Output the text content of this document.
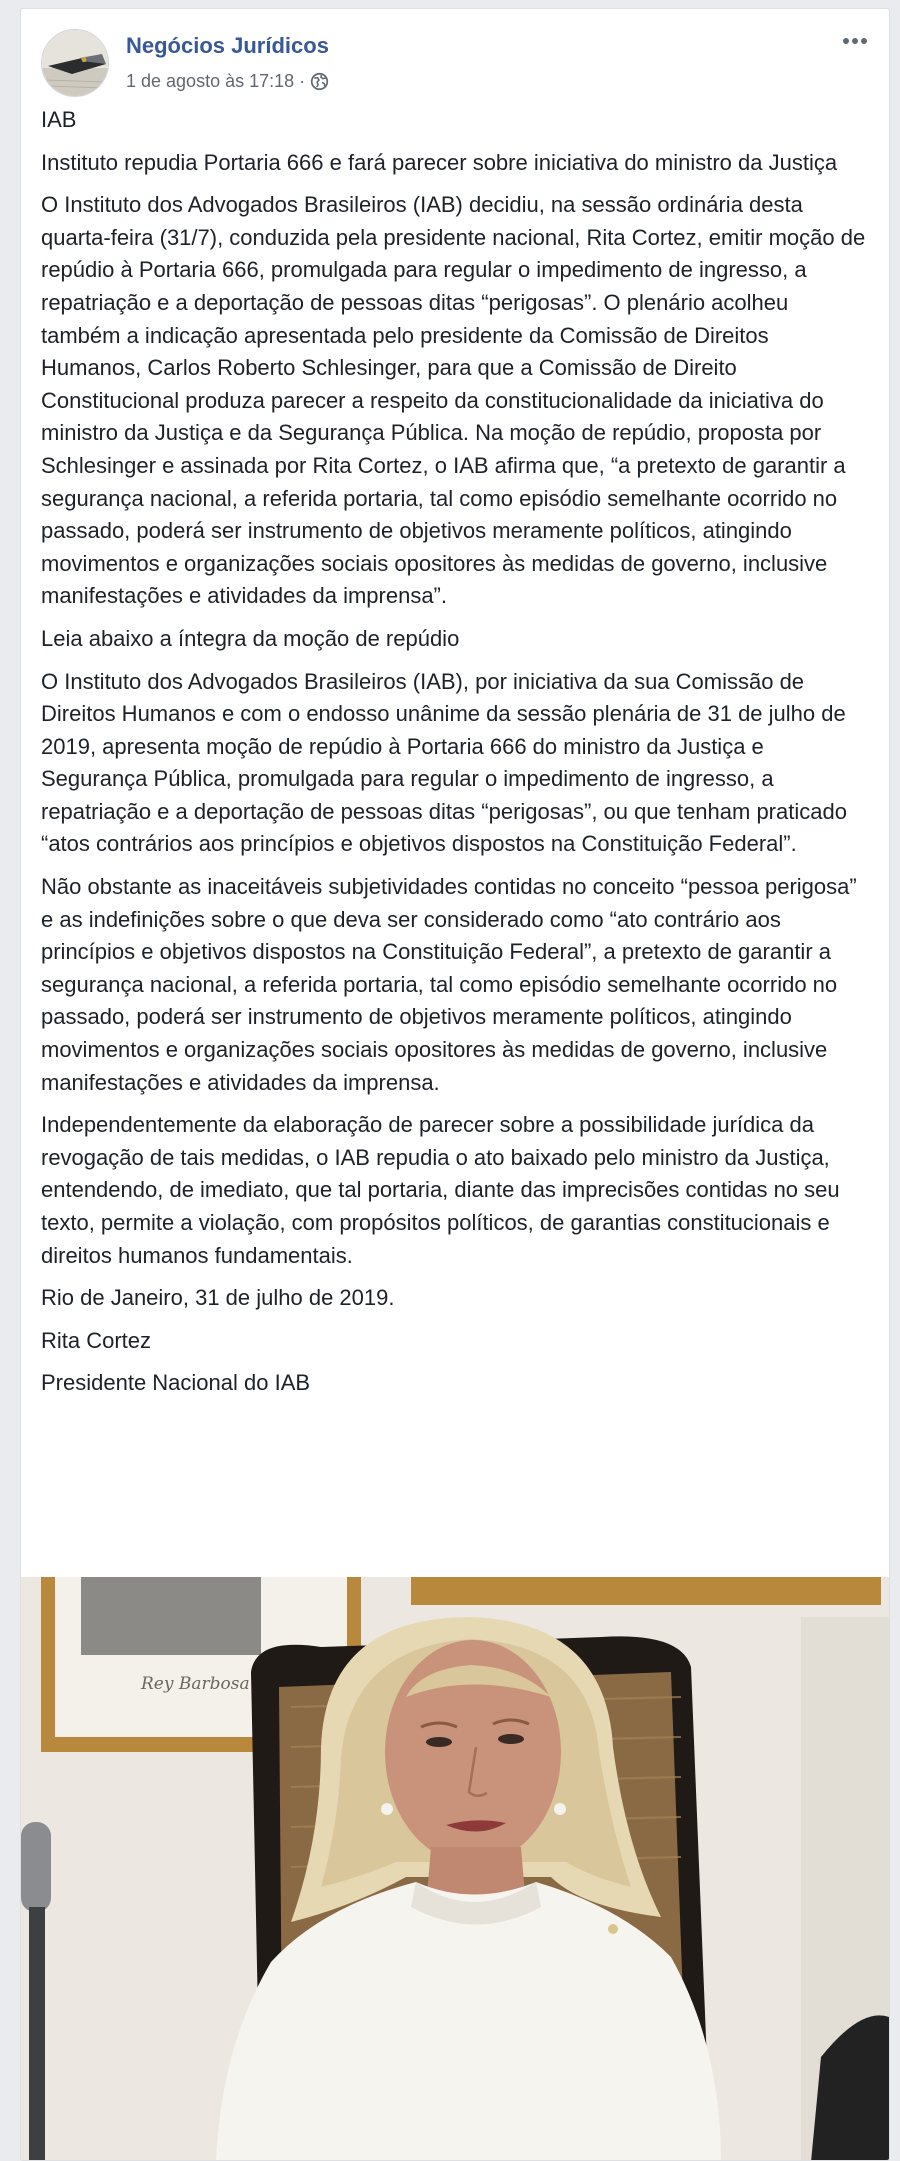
Negócios Jurídicos
1 de agosto às 17:18 ·

IAB

Instituto repudia Portaria 666 e fará parecer sobre iniciativa do ministro da Justiça

O Instituto dos Advogados Brasileiros (IAB) decidiu, na sessão ordinária desta quarta-feira (31/7), conduzida pela presidente nacional, Rita Cortez, emitir moção de repúdio à Portaria 666, promulgada para regular o impedimento de ingresso, a repatriação e a deportação de pessoas ditas “perigosas”. O plenário acolheu também a indicação apresentada pelo presidente da Comissão de Direitos Humanos, Carlos Roberto Schlesinger, para que a Comissão de Direito Constitucional produza parecer a respeito da constitucionalidade da iniciativa do ministro da Justiça e da Segurança Pública. Na moção de repúdio, proposta por Schlesinger e assinada por Rita Cortez, o IAB afirma que, “a pretexto de garantir a segurança nacional, a referida portaria, tal como episódio semelhante ocorrido no passado, poderá ser instrumento de objetivos meramente políticos, atingindo movimentos e organizações sociais opositores às medidas de governo, inclusive manifestações e atividades da imprensa”.

Leia abaixo a íntegra da moção de repúdio

O Instituto dos Advogados Brasileiros (IAB), por iniciativa da sua Comissão de Direitos Humanos e com o endosso unânime da sessão plenária de 31 de julho de 2019, apresenta moção de repúdio à Portaria 666 do ministro da Justiça e Segurança Pública, promulgada para regular o impedimento de ingresso, a repatriação e a deportação de pessoas ditas “perigosas”, ou que tenham praticado “atos contrários aos princípios e objetivos dispostos na Constituição Federal”.

Não obstante as inaceitáveis subjetividades contidas no conceito “pessoa perigosa” e as indefinições sobre o que deva ser considerado como “ato contrário aos princípios e objetivos dispostos na Constituição Federal”, a pretexto de garantir a segurança nacional, a referida portaria, tal como episódio semelhante ocorrido no passado, poderá ser instrumento de objetivos meramente políticos, atingindo movimentos e organizações sociais opositores às medidas de governo, inclusive manifestações e atividades da imprensa.

Independentemente da elaboração de parecer sobre a possibilidade jurídica da revogação de tais medidas, o IAB repudia o ato baixado pelo ministro da Justiça, entendendo, de imediato, que tal portaria, diante das imprecisões contidas no seu texto, permite a violação, com propósitos políticos, de garantias constitucionais e direitos humanos fundamentais.

Rio de Janeiro, 31 de julho de 2019.

Rita Cortez

Presidente Nacional do IAB

Rey Barbosa
